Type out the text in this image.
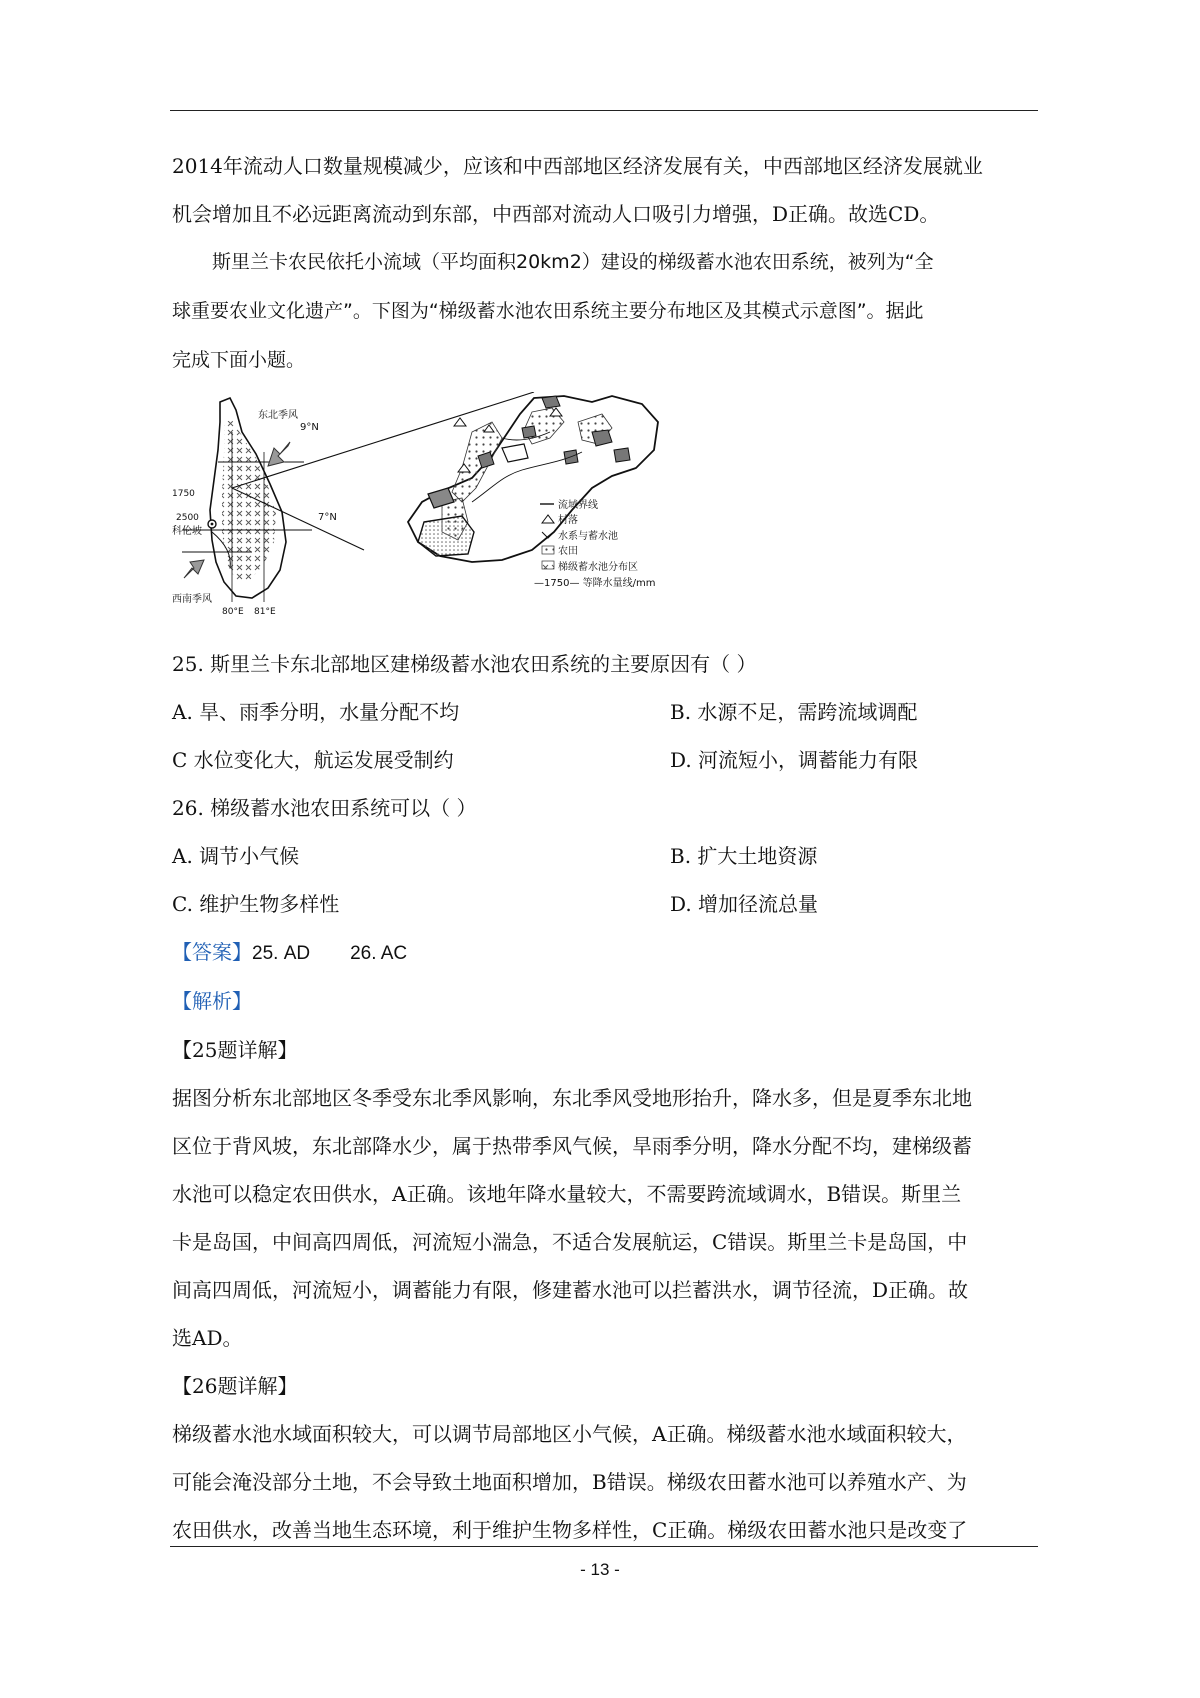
2014年流动人口数量规模减少，应该和中西部地区经济发展有关，中西部地区经济发展就业
机会增加且不必远距离流动到东部，中西部对流动人口吸引力增强，D正确。故选CD。
斯里兰卡农民依托小流域（平均面积20km2）建设的梯级蓄水池农田系统，被列为“全
球重要农业文化遗产”。下图为“梯级蓄水池农田系统主要分布地区及其模式示意图”。据此
完成下面小题。
流域界线
村落
水系与蓄水池
农田
梯级蓄水池分布区
—1750— 等降水量线/mm
东北季风
9°N
7°N
1750
2500
科伦坡
西南季风
80°E 81°E
25. 斯里兰卡东北部地区建梯级蓄水池农田系统的主要原因有（ ）
A. 旱、雨季分明，水量分配不均	B. 水源不足，需跨流域调配
C 水位变化大，航运发展受制约	D. 河流短小，调蓄能力有限
26. 梯级蓄水池农田系统可以（ ）
A. 调节小气候	B. 扩大土地资源
C. 维护生物多样性	D. 增加径流总量
【答案】25. AD 26. AC
【解析】
【25题详解】
据图分析东北部地区冬季受东北季风影响，东北季风受地形抬升，降水多，但是夏季东北地
区位于背风坡，东北部降水少，属于热带季风气候，旱雨季分明，降水分配不均，建梯级蓄
水池可以稳定农田供水，A正确。该地年降水量较大，不需要跨流域调水，B错误。斯里兰
卡是岛国，中间高四周低，河流短小湍急，不适合发展航运，C错误。斯里兰卡是岛国，中
间高四周低，河流短小，调蓄能力有限，修建蓄水池可以拦蓄洪水，调节径流，D正确。故
选AD。
【26题详解】
梯级蓄水池水域面积较大，可以调节局部地区小气候，A正确。梯级蓄水池水域面积较大，
可能会淹没部分土地，不会导致土地面积增加，B错误。梯级农田蓄水池可以养殖水产、为
农田供水，改善当地生态环境，利于维护生物多样性，C正确。梯级农田蓄水池只是改变了
- 13 -
